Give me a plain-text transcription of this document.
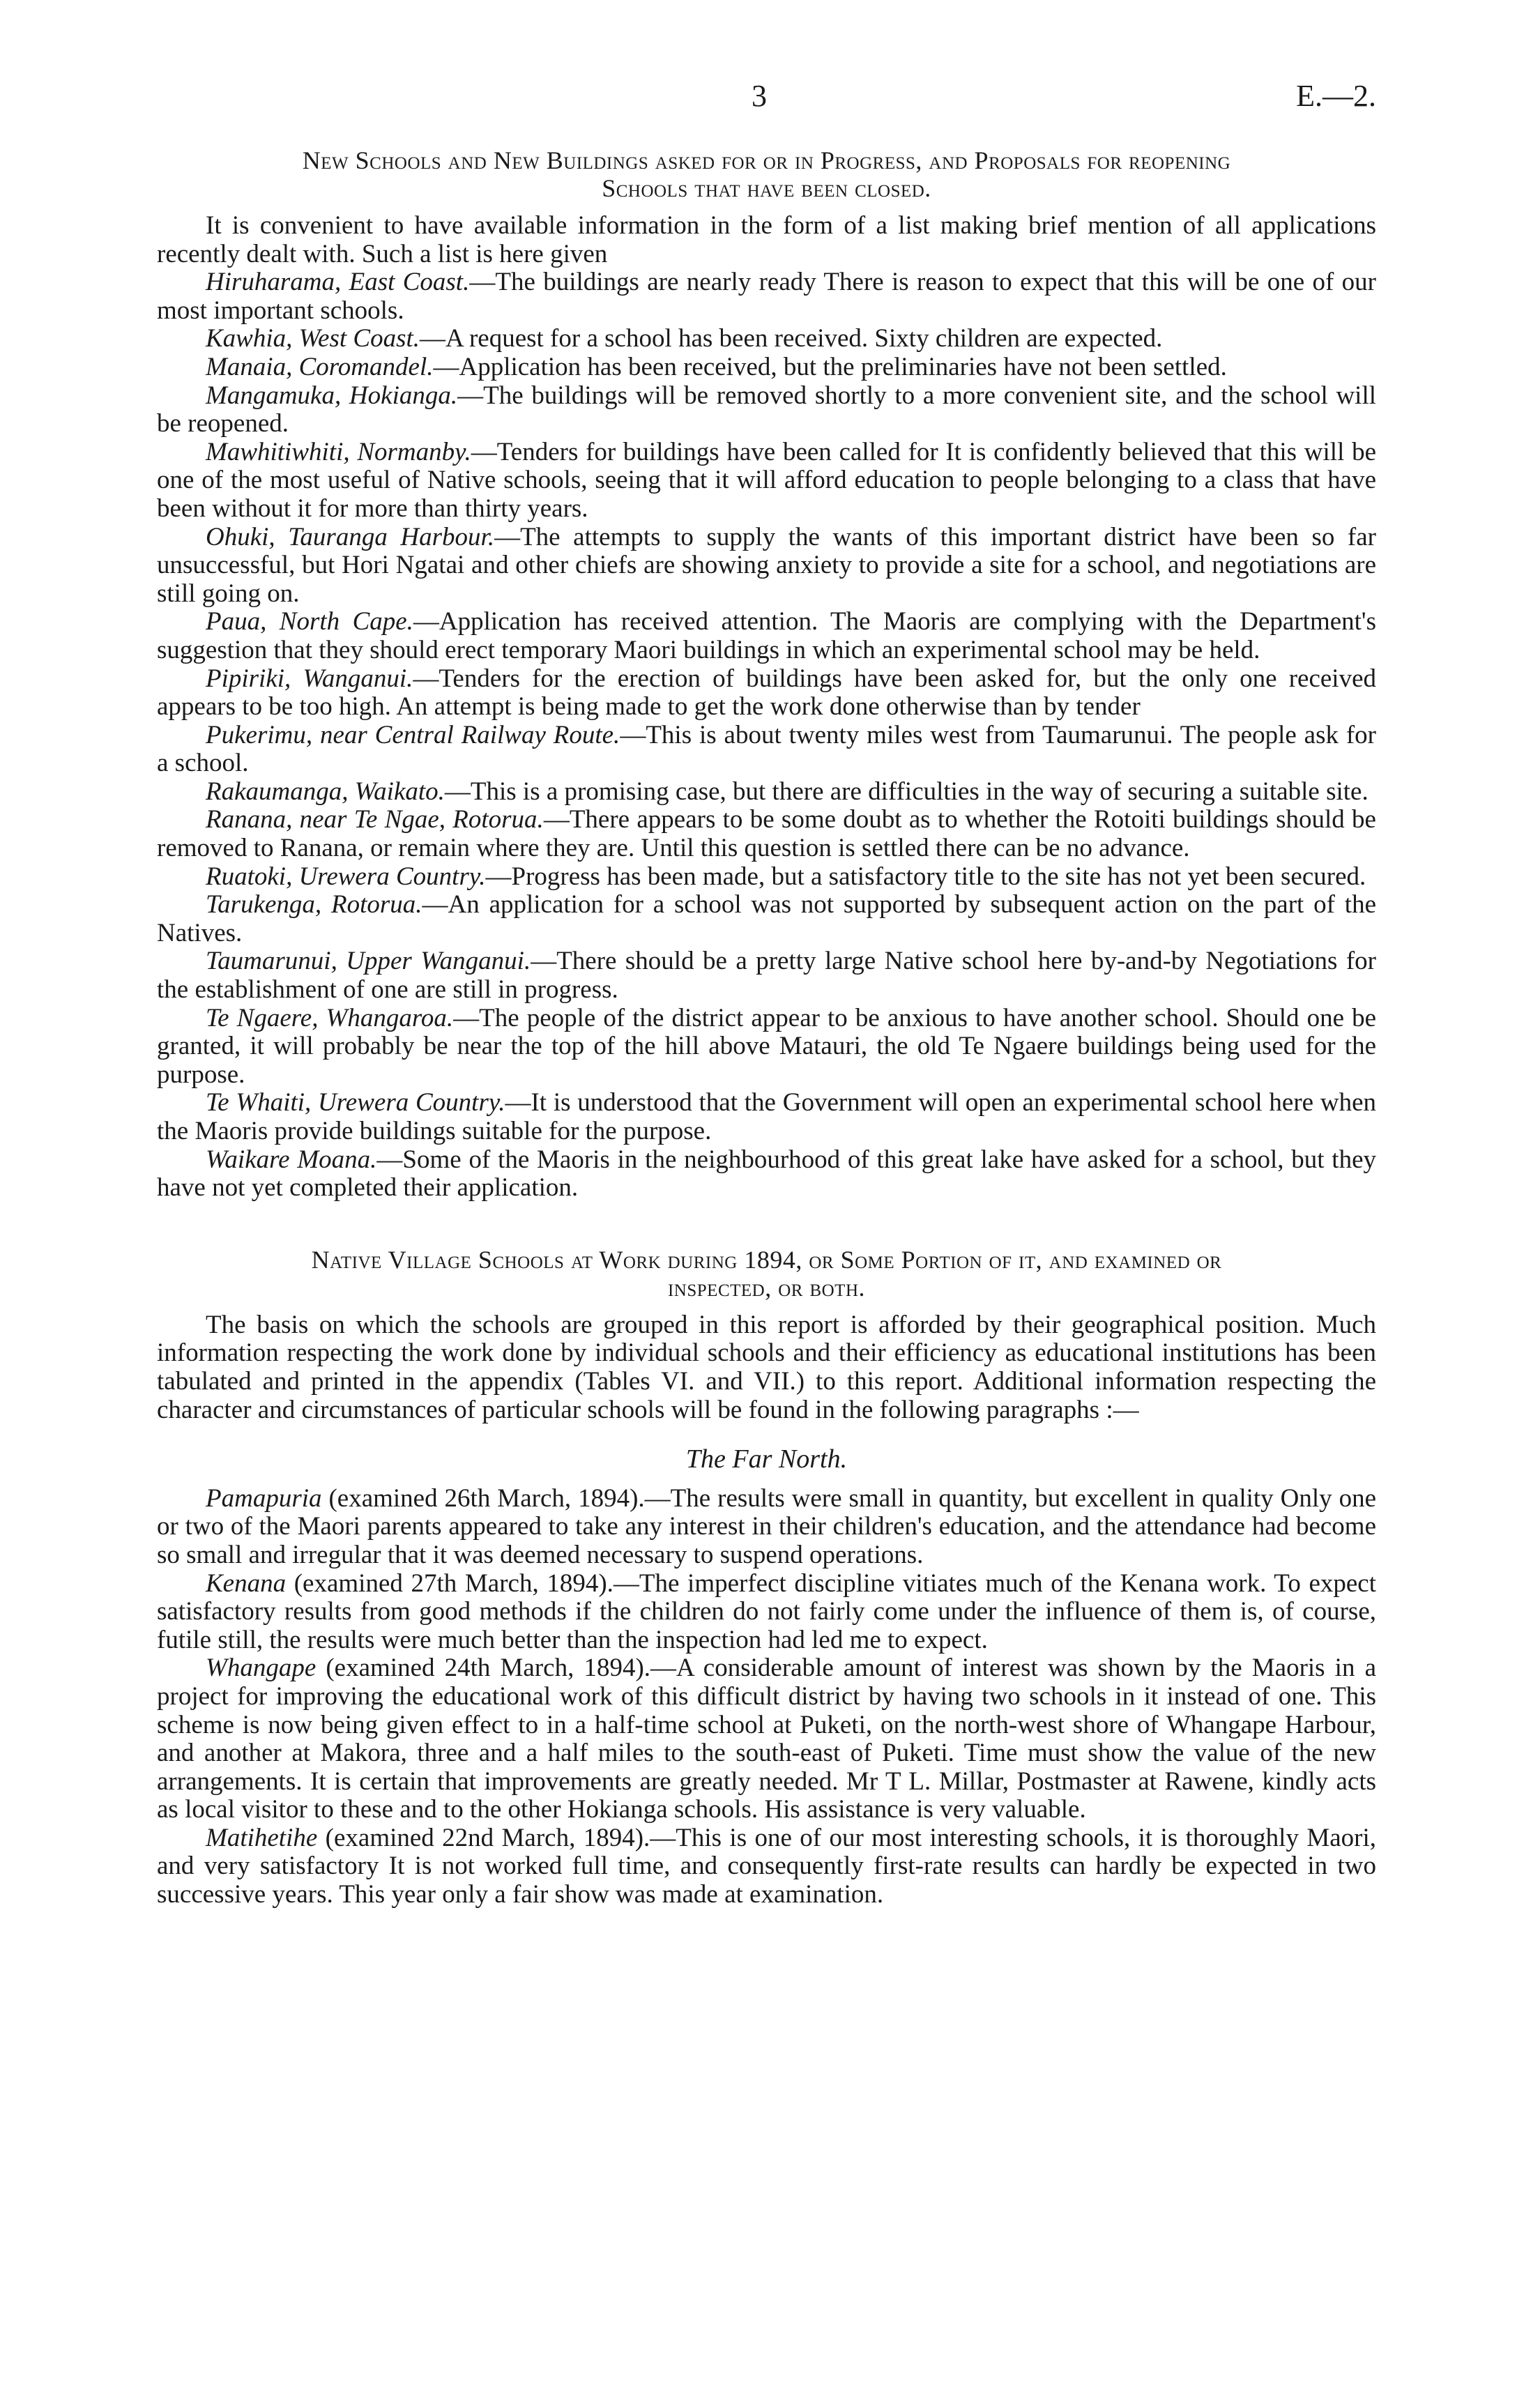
3	E.—2.
New Schools and New Buildings asked for or in Progress, and Proposals for reopening
Schools that have been closed.

It is convenient to have available information in the form of a list making brief mention of all applications recently dealt with. Such a list is here given

Hiruharama, East Coast.—The buildings are nearly ready There is reason to expect that this will be one of our most important schools.

Kawhia, West Coast.—A request for a school has been received. Sixty children are expected.

Manaia, Coromandel.—Application has been received, but the preliminaries have not been settled.

Mangamuka, Hokianga.—The buildings will be removed shortly to a more convenient site, and the school will be reopened.

Mawhitiwhiti, Normanby.—Tenders for buildings have been called for It is confidently believed that this will be one of the most useful of Native schools, seeing that it will afford education to people belonging to a class that have been without it for more than thirty years.

Ohuki, Tauranga Harbour.—The attempts to supply the wants of this important district have been so far unsuccessful, but Hori Ngatai and other chiefs are showing anxiety to provide a site for a school, and negotiations are still going on.

Paua, North Cape.—Application has received attention. The Maoris are complying with the Department's suggestion that they should erect temporary Maori buildings in which an experimental school may be held.

Pipiriki, Wanganui.—Tenders for the erection of buildings have been asked for, but the only one received appears to be too high. An attempt is being made to get the work done otherwise than by tender

Pukerimu, near Central Railway Route.—This is about twenty miles west from Taumarunui. The people ask for a school.

Rakaumanga, Waikato.—This is a promising case, but there are difficulties in the way of securing a suitable site.

Ranana, near Te Ngae, Rotorua.—There appears to be some doubt as to whether the Rotoiti buildings should be removed to Ranana, or remain where they are. Until this question is settled there can be no advance.

Ruatoki, Urewera Country.—Progress has been made, but a satisfactory title to the site has not yet been secured.

Tarukenga, Rotorua.—An application for a school was not supported by subsequent action on the part of the Natives.

Taumarunui, Upper Wanganui.—There should be a pretty large Native school here by-and-by Negotiations for the establishment of one are still in progress.

Te Ngaere, Whangaroa.—The people of the district appear to be anxious to have another school. Should one be granted, it will probably be near the top of the hill above Matauri, the old Te Ngaere buildings being used for the purpose.

Te Whaiti, Urewera Country.—It is understood that the Government will open an experimental school here when the Maoris provide buildings suitable for the purpose.

Waikare Moana.—Some of the Maoris in the neighbourhood of this great lake have asked for a school, but they have not yet completed their application.

Native Village Schools at Work during 1894, or Some Portion of it, and examined or
inspected, or both.

The basis on which the schools are grouped in this report is afforded by their geographical position. Much information respecting the work done by individual schools and their efficiency as educational institutions has been tabulated and printed in the appendix (Tables VI. and VII.) to this report. Additional information respecting the character and circumstances of particular schools will be found in the following paragraphs :—

The Far North.

Pamapuria (examined 26th March, 1894).—The results were small in quantity, but excellent in quality Only one or two of the Maori parents appeared to take any interest in their children's education, and the attendance had become so small and irregular that it was deemed necessary to suspend operations.

Kenana (examined 27th March, 1894).—The imperfect discipline vitiates much of the Kenana work. To expect satisfactory results from good methods if the children do not fairly come under the influence of them is, of course, futile still, the results were much better than the inspection had led me to expect.

Whangape (examined 24th March, 1894).—A considerable amount of interest was shown by the Maoris in a project for improving the educational work of this difficult district by having two schools in it instead of one. This scheme is now being given effect to in a half-time school at Puketi, on the north-west shore of Whangape Harbour, and another at Makora, three and a half miles to the south-east of Puketi. Time must show the value of the new arrangements. It is certain that improvements are greatly needed. Mr T L. Millar, Postmaster at Rawene, kindly acts as local visitor to these and to the other Hokianga schools. His assistance is very valuable.

Matihetihe (examined 22nd March, 1894).—This is one of our most interesting schools, it is thoroughly Maori, and very satisfactory It is not worked full time, and consequently first-rate results can hardly be expected in two successive years. This year only a fair show was made at examination.
